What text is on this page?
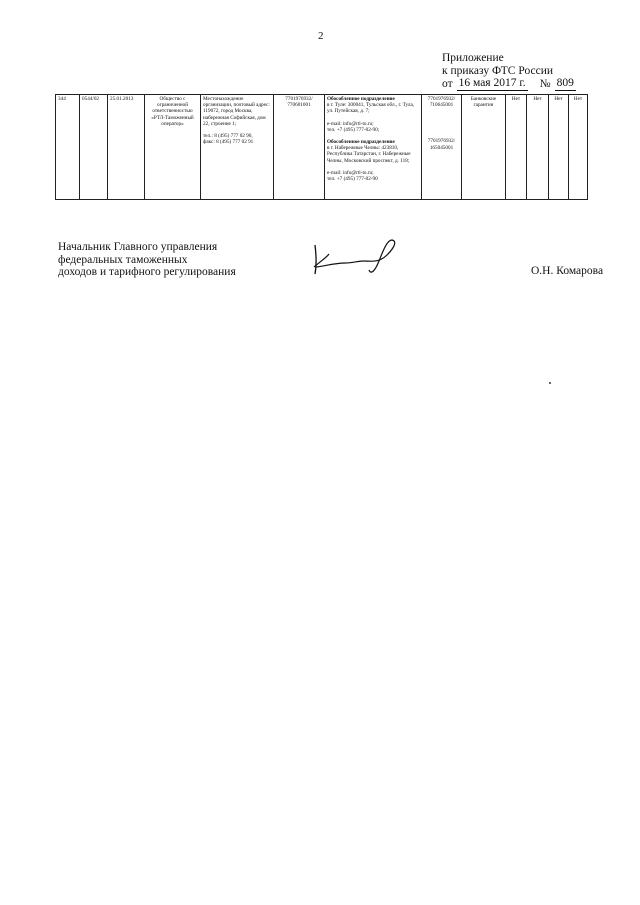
2
Приложение
к приказу ФТС России
от 16 мая 2017 г. № 809
344	0544/02	25.01.2013	Общество с ограниченной ответственностью «РТЛ-Таможенный оператор»	Местонахождение организации, почтовый адрес: 119072, город Москва, набережная Софийская, дом 22, строение 1;
тел.: 8 (495) 777 02 90,
факс: 8 (495) 777 02 91	7701976932/ 770601001	Обособленное подразделение
в г. Туле: 300041, Тульская обл., г. Тула, ул. Путейская, д. 7;
e-mail: info@rtl-to.ru;
тел. +7 (495) 777-02-90;
Обособленное подразделение
в г. Набережные Челны: 423810, Республика Татарстан, г. Набережные Челны, Московский проспект, д. 118;
e-mail: info@rtl-to.ru;
тел. +7 (495) 777-02-90	7701976932/ 710645001
7701976932/ 165045001	Банковские гарантии	Нет	Нет	Нет	Нет
Начальник Главного управления
федеральных таможенных
доходов и тарифного регулирования	О.Н. Комарова
